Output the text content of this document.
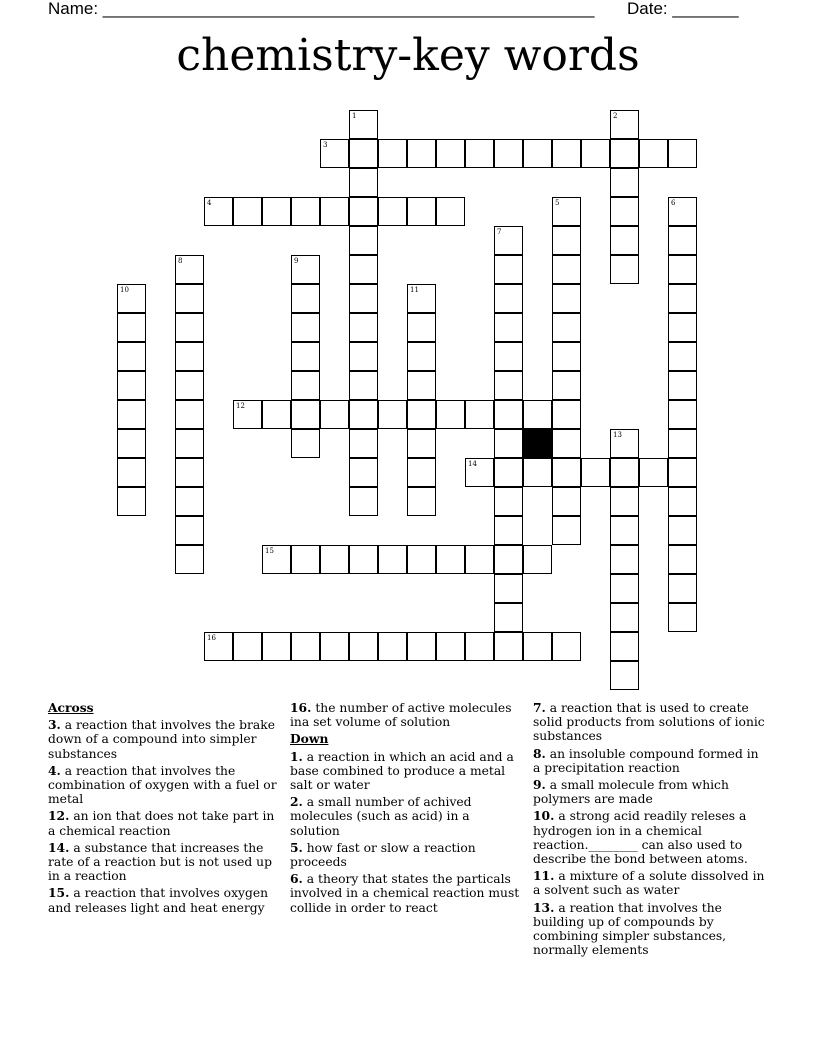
Name: ____________________________________________________ Date: _______
chemistry-key words
1	2
3
4	5	6
7
8	9
10	11
12
13
14
15
16
Across
3. a reaction that involves the brake down of a compound into simpler substances
4. a reaction that involves the combination of oxygen with a fuel or metal
12. an ion that does not take part in a chemical reaction
14. a substance that increases the rate of a reaction but is not used up in a reaction
15. a reaction that involves oxygen and releases light and heat energy
16. the number of active molecules ina set volume of solution
Down
1. a reaction in which an acid and a base combined to produce a metal salt or water
2. a small number of achived molecules (such as acid) in a solution
5. how fast or slow a reaction proceeds
6. a theory that states the particals involved in a chemical reaction must collide in order to react
7. a reaction that is used to create solid products from solutions of ionic substances
8. an insoluble compound formed in a precipitation reaction
9. a small molecule from which polymers are made
10. a strong acid readily releses a hydrogen ion in a chemical reaction.________ can also used to describe the bond between atoms.
11. a mixture of a solute dissolved in a solvent such as water
13. a reation that involves the building up of compounds by combining simpler substances, normally elements
